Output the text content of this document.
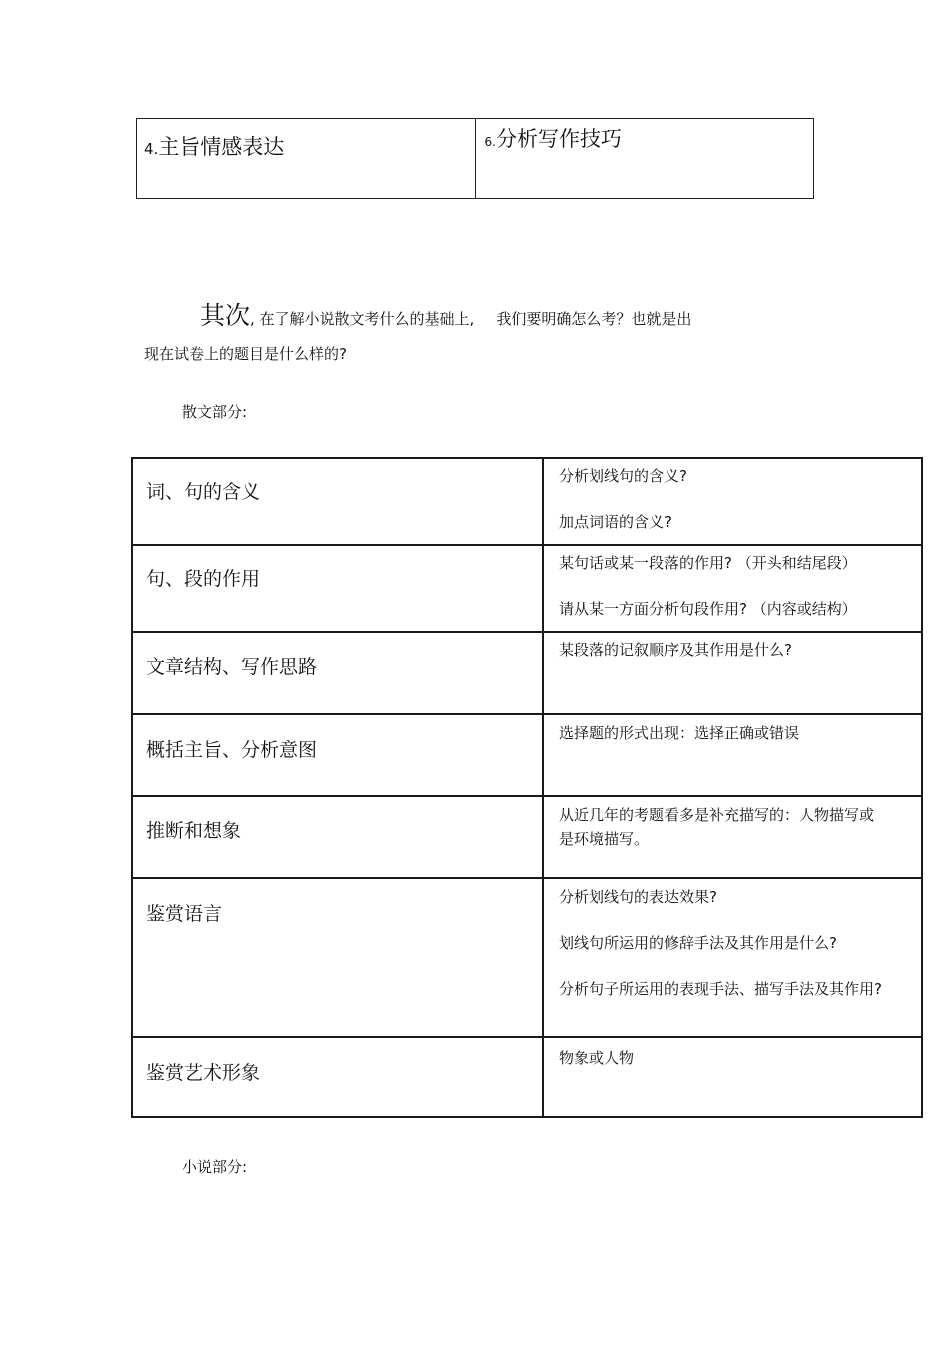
4.主旨情感表达	6.分析写作技巧
其次, 在了解小说散文考什么的基础上, 我们要明确怎么考？也就是出
现在试卷上的题目是什么样的?
散文部分:
词、句的含义	分析划线句的含义?

加点词语的含义?

句、段的作用	某句话或某一段落的作用? （开头和结尾段）

请从某一方面分析句段作用? （内容或结构）

文章结构、写作思路	某段落的记叙顺序及其作用是什么?

概括主旨、分析意图	选择题的形式出现：选择正确或错误

推断和想象	从近几年的考题看多是补充描写的：人物描写或是环境描写。

鉴赏语言	分析划线句的表达效果?

划线句所运用的修辞手法及其作用是什么?

分析句子所运用的表现手法、描写手法及其作用?

鉴赏艺术形象	物象或人物

小说部分:
